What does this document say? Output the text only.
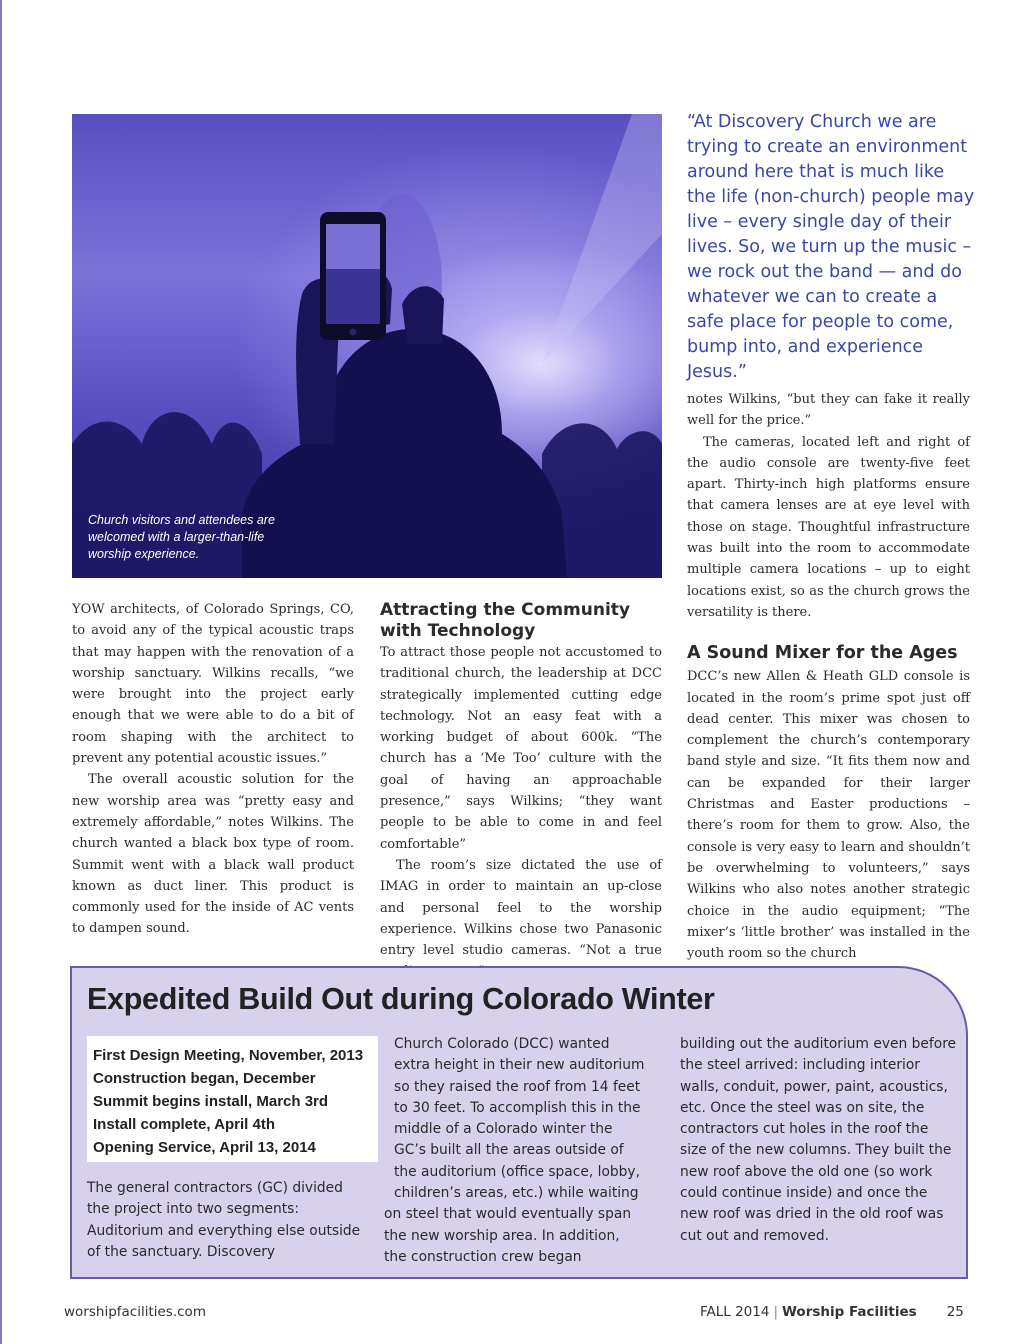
Church visitors and attendees are welcomed with a larger-than-life worship experience.
“At Discovery Church we are trying to create an environment around here that is much like the life (non-church) people may live – every single day of their lives. So, we turn up the music – we rock out the band — and do whatever we can to create a safe place for people to come, bump into, and experience Jesus.”

YOW architects, of Colorado Springs, CO, to avoid any of the typical acoustic traps that may happen with the renovation of a worship sanctuary. Wilkins recalls, “we were brought into the project early enough that we were able to do a bit of room shaping with the architect to prevent any potential acoustic issues.”

The overall acoustic solution for the new worship area was “pretty easy and extremely affordable,” notes Wilkins. The church wanted a black box type of room. Summit went with a black wall product known as duct liner. This product is commonly used for the inside of AC vents to dampen sound.

Attracting the Community with Technology

To attract those people not accustomed to traditional church, the leadership at DCC strategically implemented cutting edge technology. Not an easy feat with a working budget of about 600k. “The church has a ‘Me Too’ culture with the goal of having an approachable presence,” says Wilkins; “they want people to be able to come in and feel comfortable”

The room’s size dictated the use of IMAG in order to maintain an up-close and personal feel to the worship experience. Wilkins chose two Panasonic entry level studio cameras. “Not a true

notes Wilkins, “but they can fake it really well for the price.”

The cameras, located left and right of the audio console are twenty-five feet apart. Thirty-inch high platforms ensure that camera lenses are at eye level with those on stage. Thoughtful infrastructure was built into the room to accommodate multiple camera locations – up to eight locations exist, so as the church grows the versatility is there.

A Sound Mixer for the Ages

DCC’s new Allen & Heath GLD console is located in the room’s prime spot just off dead center. This mixer was chosen to complement the church’s contemporary band style and size. “It fits them now and can be expanded for their larger Christmas and Easter productions – there’s room for them to grow. Also, the console is very easy to learn and shouldn’t be overwhelming to volunteers,” says Wilkins who also notes another strategic choice in the audio equipment; “The mixer’s ‘little brother’ was installed in the youth room so the church

Expedited Build Out during Colorado Winter
First Design Meeting, November, 2013
Construction began, December
Summit begins install, March 3rd
Install complete, April 4th
Opening Service, April 13, 2014
The general contractors (GC) divided the project into two segments: Auditorium and everything else outside of the sanctuary. Discovery
Church Colorado (DCC) wanted
extra height in their new auditorium
so they raised the roof from 14 feet
to 30 feet. To accomplish this in the
middle of a Colorado winter the
GC’s built all the areas outside of
the auditorium (office space, lobby,
children’s areas, etc.) while waiting
on steel that would eventually span
the new worship area. In addition,
the construction crew began
building out the auditorium even before the steel arrived: including interior walls, conduit, power, paint, acoustics, etc. Once the steel was on site, the contractors cut holes in the roof the size of the new columns. They built the new roof above the old one (so work could continue inside) and once the new roof was dried in the old roof was cut out and removed.
worshipfacilities.com	FALL 2014 | Worship Facilities 25
